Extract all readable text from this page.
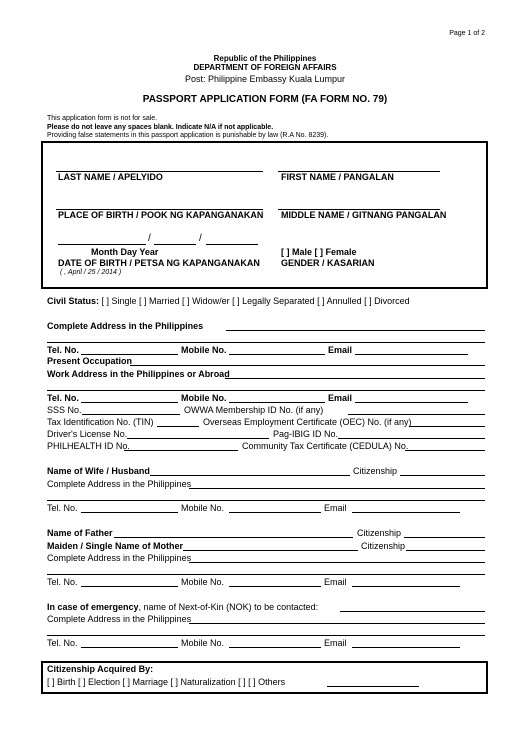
Page 1 of 2
Republic of the Philippines
DEPARTMENT OF FOREIGN AFFAIRS
Post: Philippine Embassy Kuala Lumpur
PASSPORT APPLICATION FORM (FA FORM NO. 79)
This application form is not for sale.
Please do not leave any spaces blank. Indicate N/A if not applicable.
Providing false statements in this passport application is punishable by law (R.A No. 8239).
LAST NAME / APELYIDO	FIRST NAME / PANGALAN
PLACE OF BIRTH / POOK NG KAPANGANAKAN MIDDLE NAME / GITNANG PANGALAN
/	/
Month Day Year
DATE OF BIRTH / PETSA NG KAPANGANAKAN
( , April / 25 / 2014 )
[ ] Male [ ] Female
GENDER / KASARIAN
Civil Status: [ ] Single [ ] Married [ ] Widow/er [ ] Legally Separated [ ] Annulled [ ] Divorced
Complete Address in the Philippines
Tel. No.	Mobile No.	Email
Present Occupation
Work Address in the Philippines or Abroad
Tel. No.	Mobile No.	Email
SSS No.	OWWA Membership ID No. (if any)
Tax Identification No. (TIN)	Overseas Employment Certificate (OEC) No. (if any)
Driver's License No.	Pag-IBIG ID No.
PHILHEALTH ID No.	Community Tax Certificate (CEDULA) No.
Name of Wife / Husband	Citizenship
Complete Address in the Philippines
Tel. No.	Mobile No.	Email
Name of Father	Citizenship
Maiden / Single Name of Mother	Citizenship
Complete Address in the Philippines
Tel. No.	Mobile No.	Email
In case of emergency, name of Next-of-Kin (NOK) to be contacted:
Complete Address in the Philippines
Tel. No.	Mobile No.	Email
Citizenship Acquired By:
[ ] Birth [ ] Election [ ] Marriage [ ] Naturalization [ ] [ ] Others
